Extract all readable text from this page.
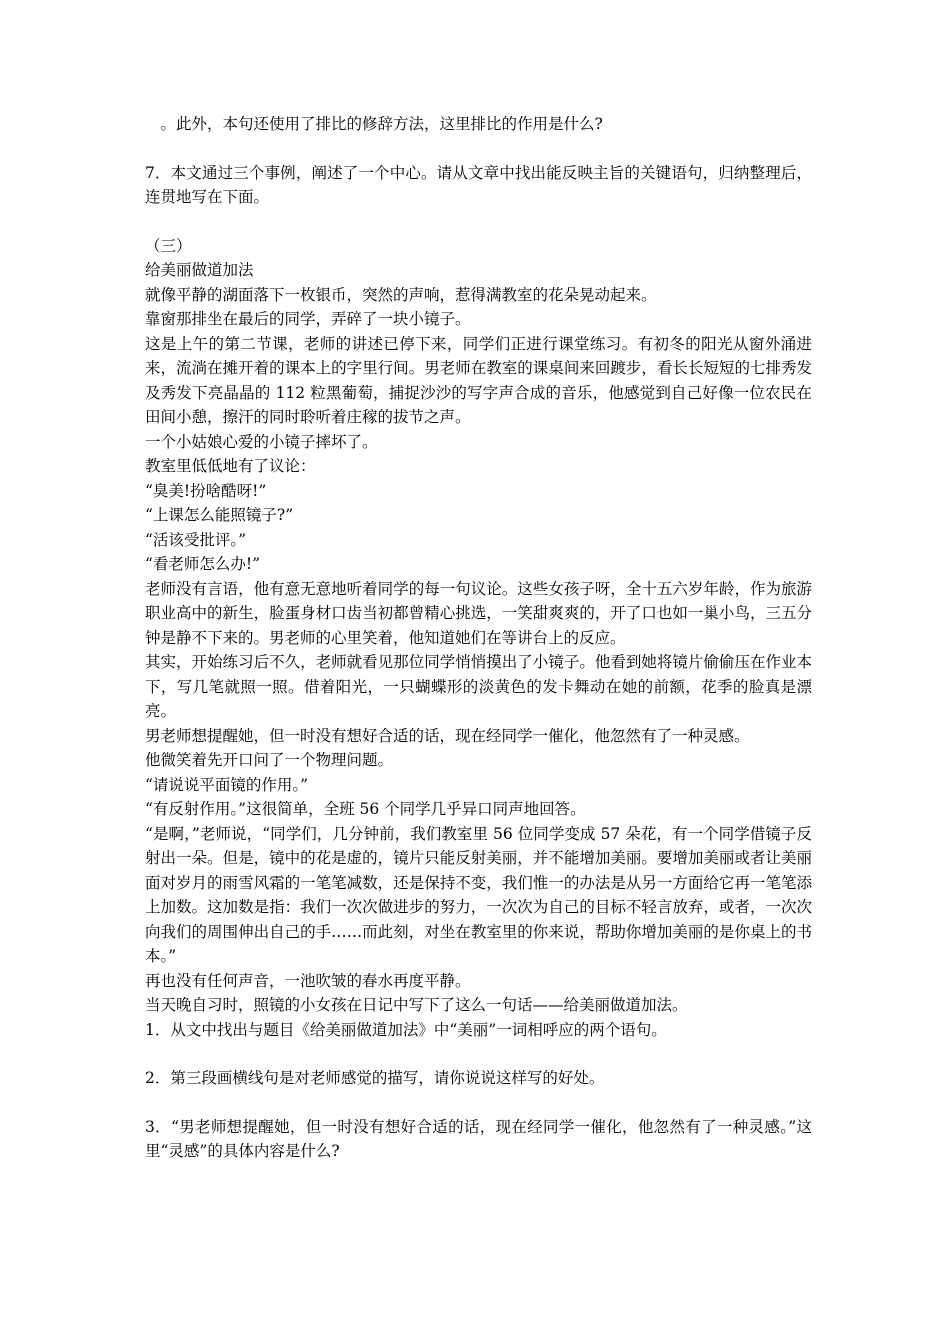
　。此外，本句还使用了排比的修辞方法，这里排比的作用是什么?
7．本文通过三个事例，阐述了一个中心。请从文章中找出能反映主旨的关键语句，归纳整理后，连贯地写在下面。
（三）
给美丽做道加法
就像平静的湖面落下一枚银币，突然的声响，惹得满教室的花朵晃动起来。
靠窗那排坐在最后的同学，弄碎了一块小镜子。
这是上午的第二节课，老师的讲述已停下来，同学们正进行课堂练习。有初冬的阳光从窗外涌进来，流淌在摊开着的课本上的字里行间。男老师在教室的课桌间来回踱步，看长长短短的七排秀发及秀发下亮晶晶的 112 粒黑葡萄，捕捉沙沙的写字声合成的音乐，他感觉到自己好像一位农民在田间小憩，擦汗的同时聆听着庄稼的拔节之声。
一个小姑娘心爱的小镜子摔坏了。
教室里低低地有了议论：
“臭美!扮啥酷呀!”
“上课怎么能照镜子?”
“活该受批评。”
“看老师怎么办!”
老师没有言语，他有意无意地听着同学的每一句议论。这些女孩子呀，全十五六岁年龄，作为旅游职业高中的新生，脸蛋身材口齿当初都曾精心挑选，一笑甜爽爽的，开了口也如一巢小鸟，三五分钟是静不下来的。男老师的心里笑着，他知道她们在等讲台上的反应。
其实，开始练习后不久，老师就看见那位同学悄悄摸出了小镜子。他看到她将镜片偷偷压在作业本下，写几笔就照一照。借着阳光，一只蝴蝶形的淡黄色的发卡舞动在她的前额，花季的脸真是漂亮。
男老师想提醒她，但一时没有想好合适的话，现在经同学一催化，他忽然有了一种灵感。
他微笑着先开口问了一个物理问题。
“请说说平面镜的作用。”
“有反射作用。”这很简单，全班 56 个同学几乎异口同声地回答。
“是啊，”老师说，“同学们，几分钟前，我们教室里 56 位同学变成 57 朵花，有一个同学借镜子反射出一朵。但是，镜中的花是虚的，镜片只能反射美丽，并不能增加美丽。要增加美丽或者让美丽面对岁月的雨雪风霜的一笔笔减数，还是保持不变，我们惟一的办法是从另一方面给它再一笔笔添上加数。这加数是指：我们一次次做进步的努力，一次次为自己的目标不轻言放弃，或者，一次次向我们的周围伸出自己的手……而此刻，对坐在教室里的你来说，帮助你增加美丽的是你桌上的书本。”
再也没有任何声音，一池吹皱的春水再度平静。
当天晚自习时，照镜的小女孩在日记中写下了这么一句话——给美丽做道加法。
1．从文中找出与题目《给美丽做道加法》中“美丽”一词相呼应的两个语句。
2．第三段画横线句是对老师感觉的描写，请你说说这样写的好处。
3．“男老师想提醒她，但一时没有想好合适的话，现在经同学一催化，他忽然有了一种灵感。”这里“灵感”的具体内容是什么?
